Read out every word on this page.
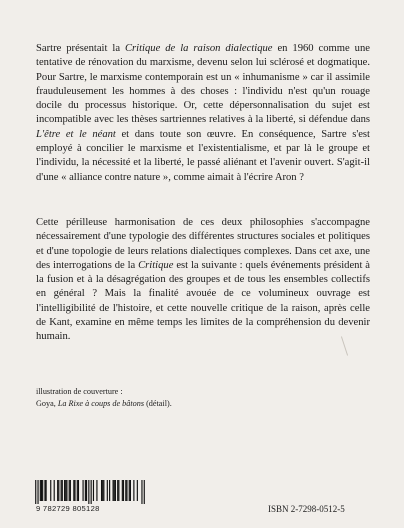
Sartre présentait la Critique de la raison dialectique en 1960 comme une tentative de rénovation du marxisme, devenu selon lui sclérosé et dogmatique. Pour Sartre, le marxisme contemporain est un « inhumanisme » car il assimile frauduleusement les hommes à des choses : l'individu n'est qu'un rouage docile du processus historique. Or, cette dépersonnalisation du sujet est incompatible avec les thèses sartriennes relatives à la liberté, si défendue dans L'être et le néant et dans toute son œuvre. En conséquence, Sartre s'est employé à concilier le marxisme et l'existentialisme, et par là le groupe et l'individu, la nécessité et la liberté, le passé aliénant et l'avenir ouvert. S'agit-il d'une « alliance contre nature », comme aimait à l'écrire Aron ?

Cette périlleuse harmonisation de ces deux philosophies s'accompagne nécessairement d'une typologie des différentes structures sociales et politiques et d'une topologie de leurs relations dialectiques complexes. Dans cet axe, une des interrogations de la Critique est la suivante : quels événements président à la fusion et à la désagrégation des groupes et de tous les ensembles collectifs en général ? Mais la finalité avouée de ce volumineux ouvrage est l'intelligibilité de l'histoire, et cette nouvelle critique de la raison, après celle de Kant, examine en même temps les limites de la compréhension du devenir humain.

illustration de couverture :
Goya, La Rixe à coups de bâtons (détail).
9 782729 805128	ISBN 2-7298-0512-5
